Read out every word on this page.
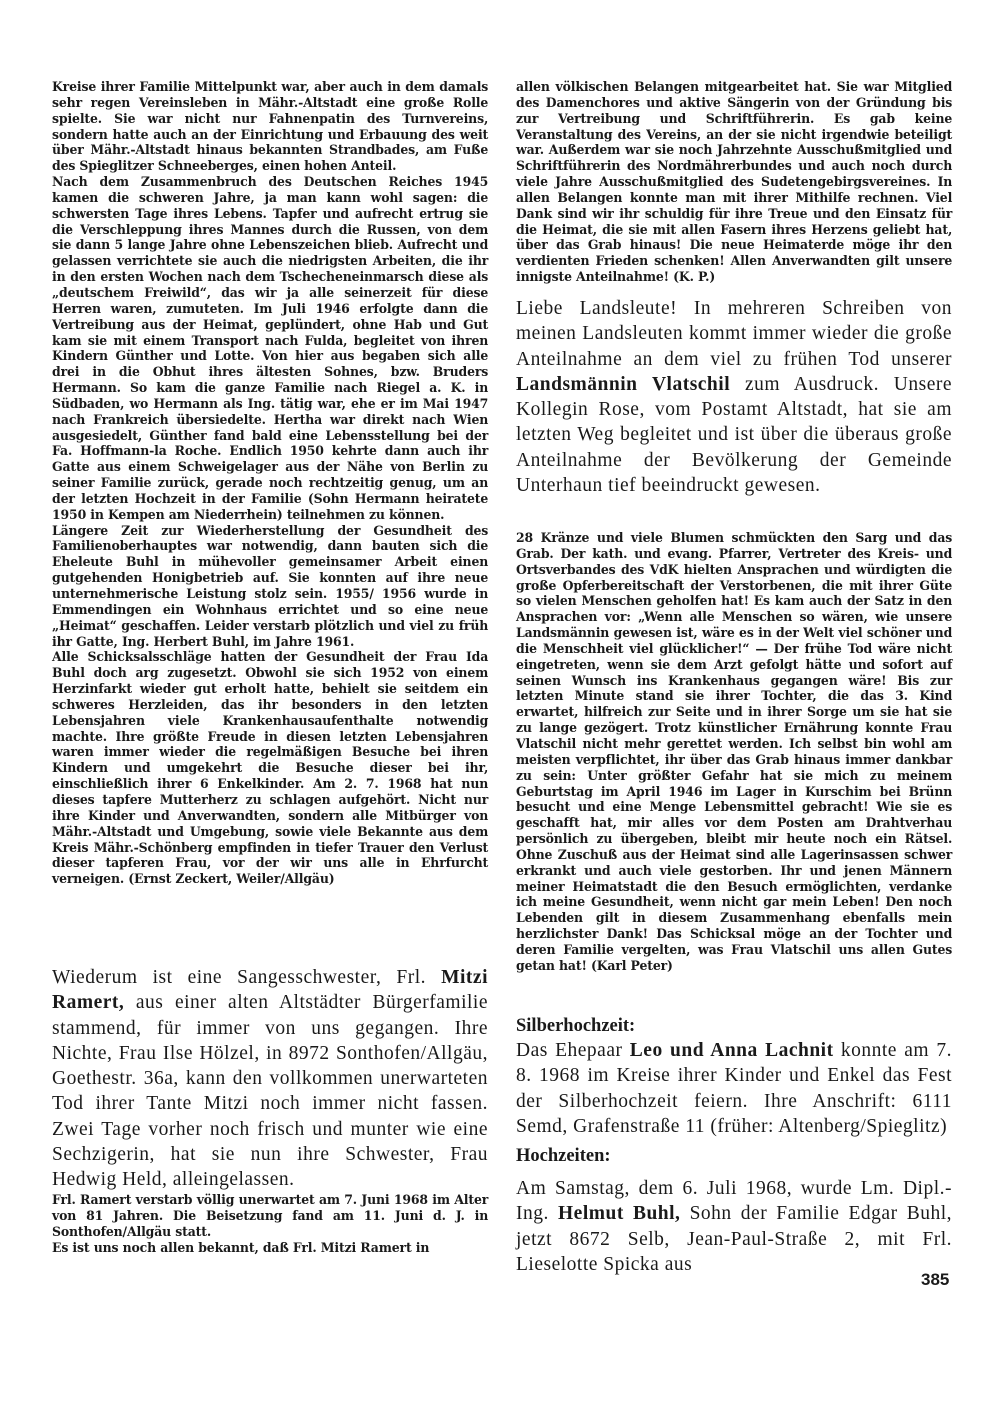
Kreise ihrer Familie Mittelpunkt war, aber auch in dem damals sehr regen Vereinsleben in Mähr.-Altstadt eine große Rolle spielte. Sie war nicht nur Fahnenpatin des Turnvereins, sondern hatte auch an der Einrichtung und Erbauung des weit über Mähr.-Altstadt hinaus bekannten Strandbades, am Fuße des Spieglitzer Schneeberges, einen hohen Anteil.

Nach dem Zusammenbruch des Deutschen Reiches 1945 kamen die schweren Jahre, ja man kann wohl sagen: die schwersten Tage ihres Lebens. Tapfer und aufrecht ertrug sie die Verschleppung ihres Mannes durch die Russen, von dem sie dann 5 lange Jahre ohne Lebenszeichen blieb. Aufrecht und gelassen verrichtete sie auch die niedrigsten Arbeiten, die ihr in den ersten Wochen nach dem Tschecheneinmarsch diese als „deutschem Freiwild“, das wir ja alle seinerzeit für diese Herren waren, zumuteten. Im Juli 1946 erfolgte dann die Vertreibung aus der Heimat, geplündert, ohne Hab und Gut kam sie mit einem Transport nach Fulda, begleitet von ihren Kindern Günther und Lotte. Von hier aus begaben sich alle drei in die Obhut ihres ältesten Sohnes, bzw. Bruders Hermann. So kam die ganze Familie nach Riegel a. K. in Südbaden, wo Hermann als Ing. tätig war, ehe er im Mai 1947 nach Frankreich übersiedelte. Hertha war direkt nach Wien ausgesiedelt, Günther fand bald eine Lebensstellung bei der Fa. Hoffmann-la Roche. Endlich 1950 kehrte dann auch ihr Gatte aus einem Schweigelager aus der Nähe von Berlin zu seiner Familie zurück, gerade noch rechtzeitig genug, um an der letzten Hochzeit in der Familie (Sohn Hermann heiratete 1950 in Kempen am Niederrhein) teilnehmen zu können.

Längere Zeit zur Wiederherstellung der Gesundheit des Familienoberhauptes war notwendig, dann bauten sich die Eheleute Buhl in mühevoller gemeinsamer Arbeit einen gutgehenden Honigbetrieb auf. Sie konnten auf ihre neue unternehmerische Leistung stolz sein. 1955/ 1956 wurde in Emmendingen ein Wohnhaus errichtet und so eine neue „Heimat“ geschaffen. Leider verstarb plötzlich und viel zu früh ihr Gatte, Ing. Herbert Buhl, im Jahre 1961.

Alle Schicksalsschläge hatten der Gesundheit der Frau Ida Buhl doch arg zugesetzt. Obwohl sie sich 1952 von einem Herzinfarkt wieder gut erholt hatte, behielt sie seitdem ein schweres Herzleiden, das ihr besonders in den letzten Lebensjahren viele Krankenhausaufenthalte notwendig machte. Ihre größte Freude in diesen letzten Lebensjahren waren immer wieder die regelmäßigen Besuche bei ihren Kindern und umgekehrt die Besuche dieser bei ihr, einschließlich ihrer 6 Enkelkinder. Am 2. 7. 1968 hat nun dieses tapfere Mutterherz zu schlagen aufgehört. Nicht nur ihre Kinder und Anverwandten, sondern alle Mitbürger von Mähr.-Altstadt und Umgebung, sowie viele Bekannte aus dem Kreis Mähr.-Schönberg empfinden in tiefer Trauer den Verlust dieser tapferen Frau, vor der wir uns alle in Ehrfurcht verneigen. (Ernst Zeckert, Weiler/Allgäu)

Wiederum ist eine Sangesschwester, Frl. Mitzi Ramert, aus einer alten Altstädter Bürgerfamilie stammend, für immer von uns gegangen. Ihre Nichte, Frau Ilse Hölzel, in 8972 Sonthofen/Allgäu, Goethestr. 36a, kann den vollkommen unerwarteten Tod ihrer Tante Mitzi noch immer nicht fassen. Zwei Tage vorher noch frisch und munter wie eine Sechzigerin, hat sie nun ihre Schwester, Frau Hedwig Held, alleingelassen.

Frl. Ramert verstarb völlig unerwartet am 7. Juni 1968 im Alter von 81 Jahren. Die Beisetzung fand am 11. Juni d. J. in Sonthofen/Allgäu statt.

Es ist uns noch allen bekannt, daß Frl. Mitzi Ramert in

allen völkischen Belangen mitgearbeitet hat. Sie war Mitglied des Damenchores und aktive Sängerin von der Gründung bis zur Vertreibung und Schriftführerin. Es gab keine Veranstaltung des Vereins, an der sie nicht irgendwie beteiligt war. Außerdem war sie noch Jahrzehnte Ausschußmitglied und Schriftführerin des Nordmährerbundes und auch noch durch viele Jahre Ausschußmitglied des Sudetengebirgsvereines. In allen Belangen konnte man mit ihrer Mithilfe rechnen. Viel Dank sind wir ihr schuldig für ihre Treue und den Einsatz für die Heimat, die sie mit allen Fasern ihres Herzens geliebt hat, über das Grab hinaus! Die neue Heimaterde möge ihr den verdienten Frieden schenken! Allen Anverwandten gilt unsere innigste Anteilnahme! (K. P.)

Liebe Landsleute! In mehreren Schreiben von meinen Landsleuten kommt immer wieder die große Anteilnahme an dem viel zu frühen Tod unserer Landsmännin Vlatschil zum Ausdruck. Unsere Kollegin Rose, vom Postamt Altstadt, hat sie am letzten Weg begleitet und ist über die überaus große Anteilnahme der Bevölkerung der Gemeinde Unterhaun tief beeindruckt gewesen.

28 Kränze und viele Blumen schmückten den Sarg und das Grab. Der kath. und evang. Pfarrer, Vertreter des Kreis- und Ortsverbandes des VdK hielten Ansprachen und würdigten die große Opferbereitschaft der Verstorbenen, die mit ihrer Güte so vielen Menschen geholfen hat! Es kam auch der Satz in den Ansprachen vor: „Wenn alle Menschen so wären, wie unsere Landsmännin gewesen ist, wäre es in der Welt viel schöner und die Menschheit viel glücklicher!“ — Der frühe Tod wäre nicht eingetreten, wenn sie dem Arzt gefolgt hätte und sofort auf seinen Wunsch ins Krankenhaus gegangen wäre! Bis zur letzten Minute stand sie ihrer Tochter, die das 3. Kind erwartet, hilfreich zur Seite und in ihrer Sorge um sie hat sie zu lange gezögert. Trotz künstlicher Ernährung konnte Frau Vlatschil nicht mehr gerettet werden. Ich selbst bin wohl am meisten verpflichtet, ihr über das Grab hinaus immer dankbar zu sein: Unter größter Gefahr hat sie mich zu meinem Geburtstag im April 1946 im Lager in Kurschim bei Brünn besucht und eine Menge Lebensmittel gebracht! Wie sie es geschafft hat, mir alles vor dem Posten am Drahtverhau persönlich zu übergeben, bleibt mir heute noch ein Rätsel. Ohne Zuschuß aus der Heimat sind alle Lagerinsassen schwer erkrankt und auch viele gestorben. Ihr und jenen Männern meiner Heimatstadt die den Besuch ermöglichten, verdanke ich meine Gesundheit, wenn nicht gar mein Leben! Den noch Lebenden gilt in diesem Zusammenhang ebenfalls mein herzlichster Dank! Das Schicksal möge an der Tochter und deren Familie vergelten, was Frau Vlatschil uns allen Gutes getan hat! (Karl Peter)

Silberhochzeit:

Das Ehepaar Leo und Anna Lachnit konnte am 7. 8. 1968 im Kreise ihrer Kinder und Enkel das Fest der Silberhochzeit feiern. Ihre Anschrift: 6111 Semd, Grafenstraße 11 (früher: Altenberg/Spieglitz)

Hochzeiten:

Am Samstag, dem 6. Juli 1968, wurde Lm. Dipl.-Ing. Helmut Buhl, Sohn der Familie Edgar Buhl, jetzt 8672 Selb, Jean-Paul-Straße 2, mit Frl. Lieselotte Spicka aus

385
